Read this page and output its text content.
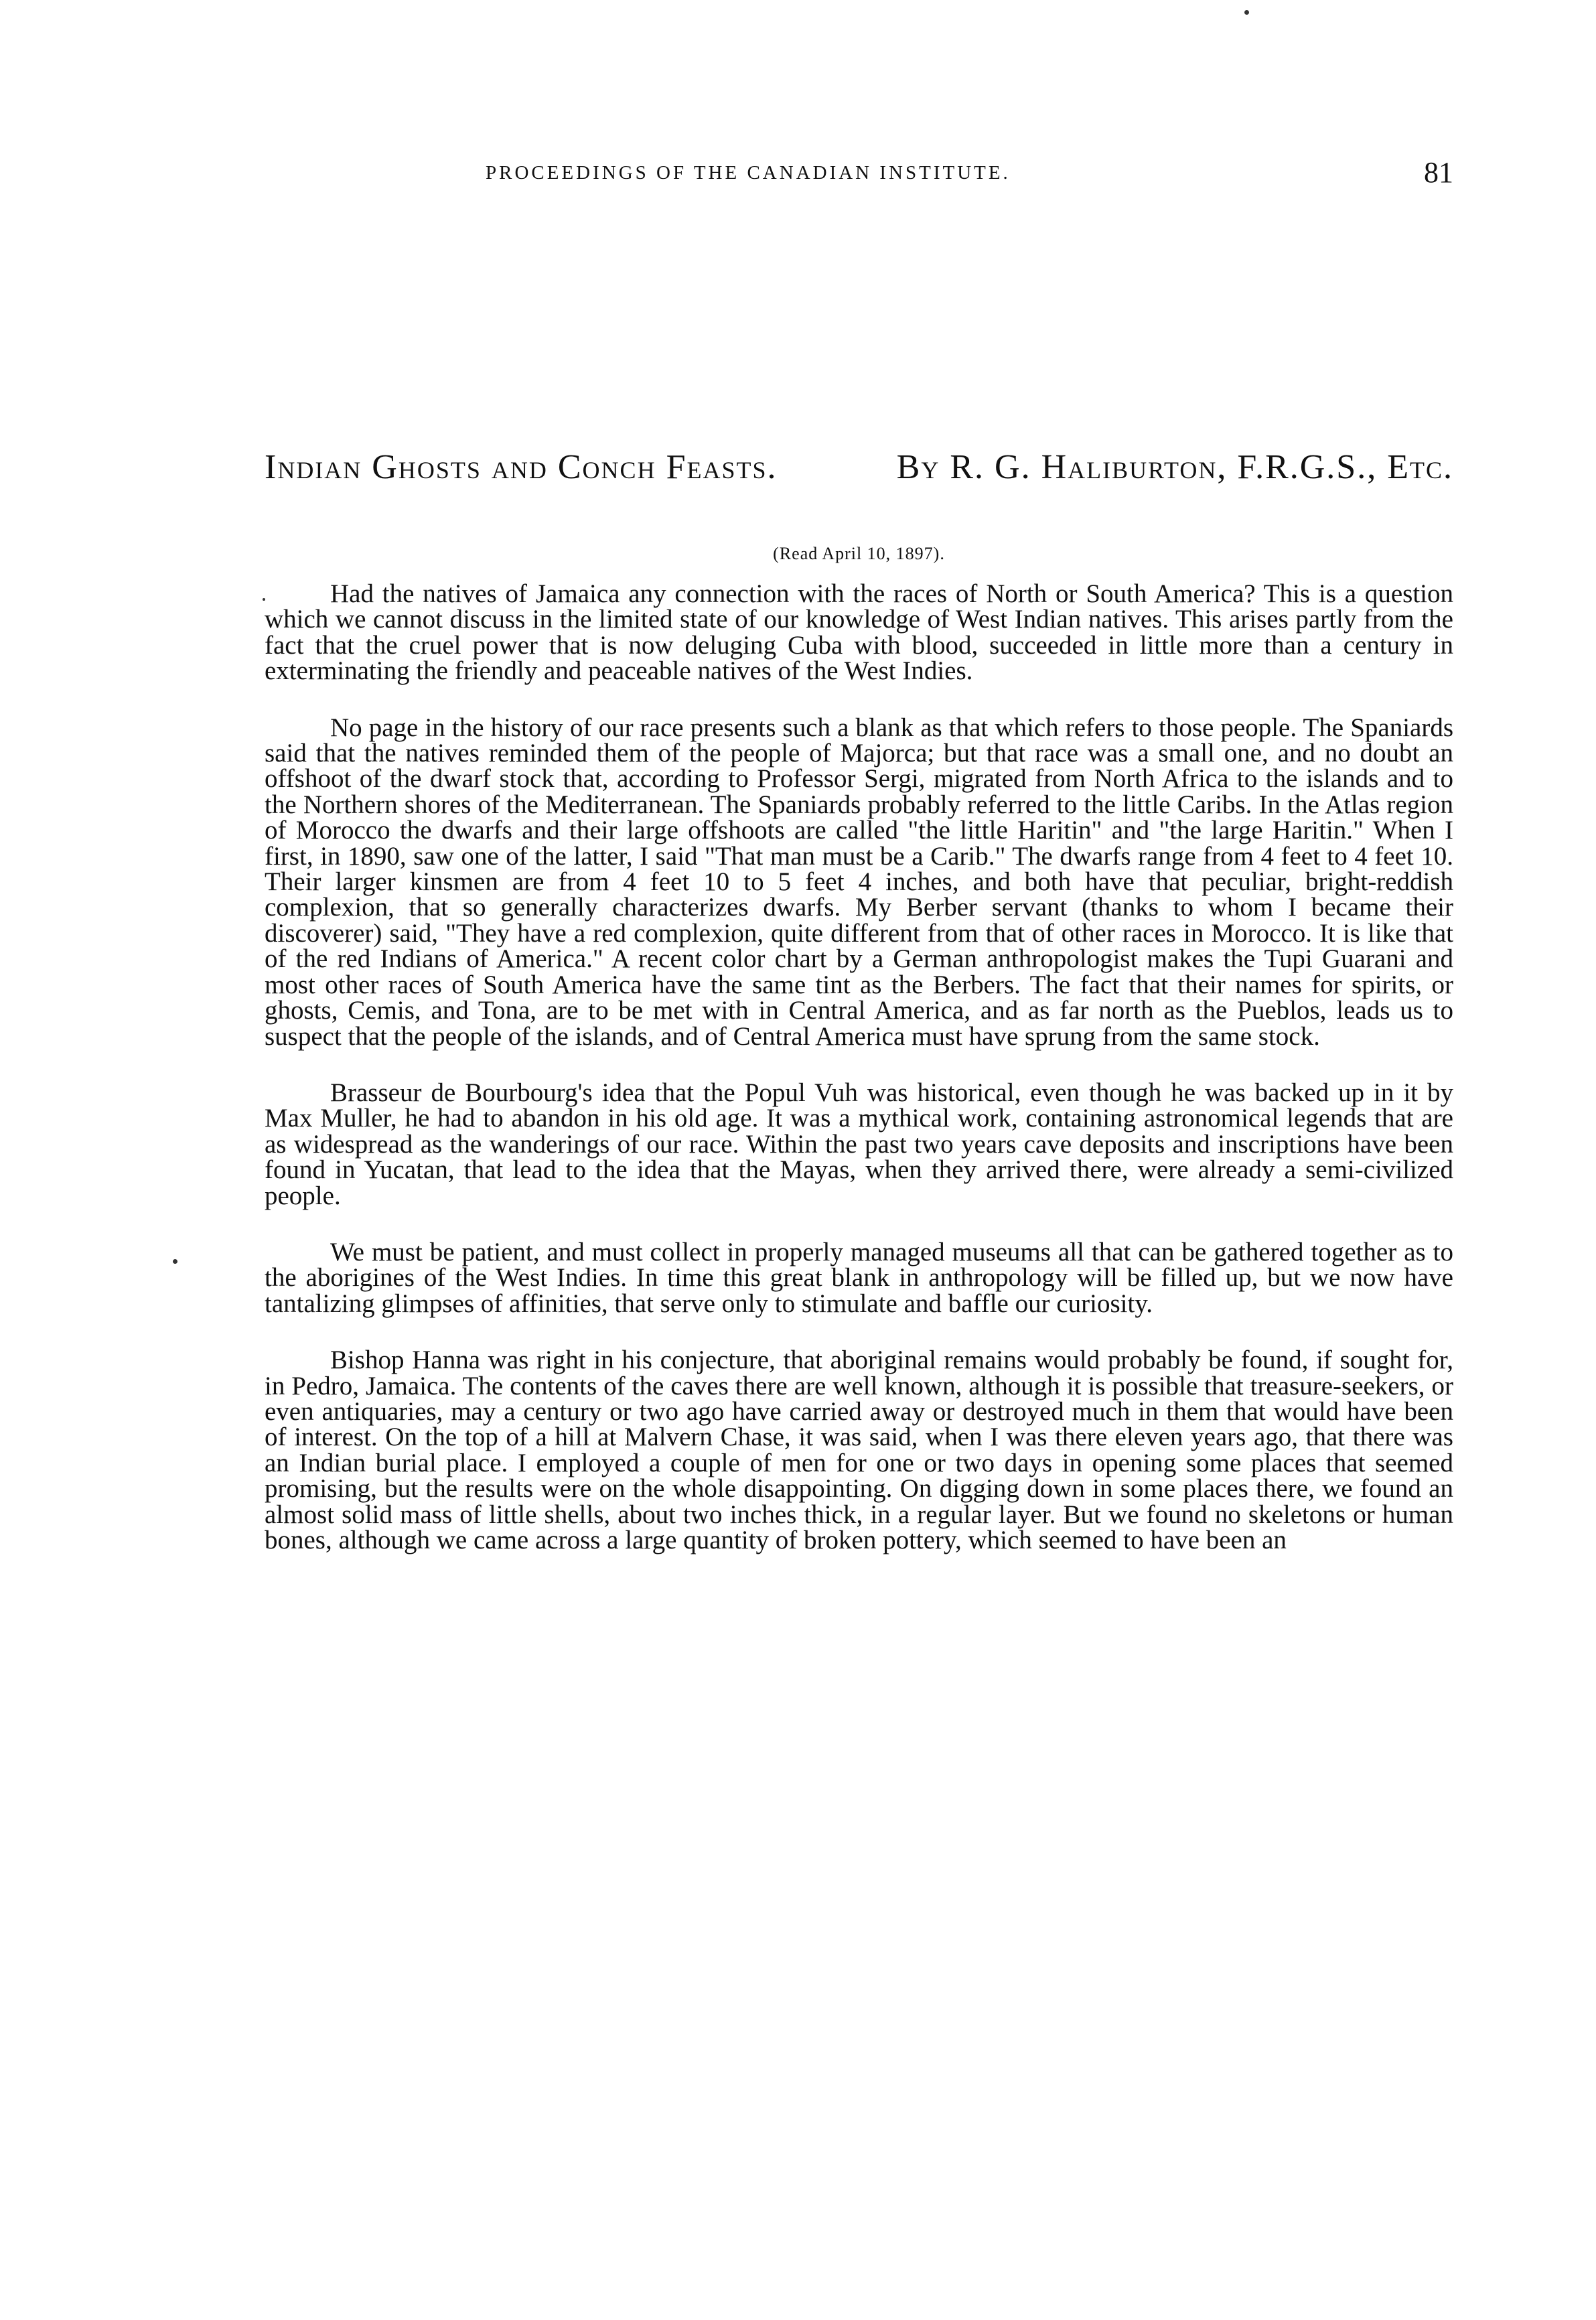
PROCEEDINGS OF THE CANADIAN INSTITUTE.	81
Indian Ghosts and Conch Feasts.	By R. G. Haliburton, F.R.G.S., Etc.
(Read April 10, 1897).

Had the natives of Jamaica any connection with the races of North or South America? This is a question which we cannot discuss in the limited state of our knowledge of West Indian natives. This arises partly from the fact that the cruel power that is now deluging Cuba with blood, succeeded in little more than a century in exterminating the friendly and peaceable natives of the West Indies.

No page in the history of our race presents such a blank as that which refers to those people. The Spaniards said that the natives reminded them of the people of Majorca; but that race was a small one, and no doubt an offshoot of the dwarf stock that, according to Professor Sergi, migrated from North Africa to the islands and to the Northern shores of the Mediterranean. The Spaniards probably referred to the little Caribs. In the Atlas region of Morocco the dwarfs and their large offshoots are called "the little Haritin" and "the large Haritin." When I first, in 1890, saw one of the latter, I said "That man must be a Carib." The dwarfs range from 4 feet to 4 feet 10. Their larger kinsmen are from 4 feet 10 to 5 feet 4 inches, and both have that peculiar, bright-reddish complexion, that so generally characterizes dwarfs. My Berber servant (thanks to whom I became their discoverer) said, "They have a red complexion, quite different from that of other races in Morocco. It is like that of the red Indians of America." A recent color chart by a German anthropologist makes the Tupi Guarani and most other races of South America have the same tint as the Berbers. The fact that their names for spirits, or ghosts, Cemis, and Tona, are to be met with in Central America, and as far north as the Pueblos, leads us to suspect that the people of the islands, and of Central America must have sprung from the same stock.

Brasseur de Bourbourg's idea that the Popul Vuh was historical, even though he was backed up in it by Max Muller, he had to abandon in his old age. It was a mythical work, containing astronomical legends that are as widespread as the wanderings of our race. Within the past two years cave deposits and inscriptions have been found in Yucatan, that lead to the idea that the Mayas, when they arrived there, were already a semi-civilized people.

We must be patient, and must collect in properly managed museums all that can be gathered together as to the aborigines of the West Indies. In time this great blank in anthropology will be filled up, but we now have tantalizing glimpses of affinities, that serve only to stimulate and baffle our curiosity.

Bishop Hanna was right in his conjecture, that aboriginal remains would probably be found, if sought for, in Pedro, Jamaica. The contents of the caves there are well known, although it is possible that treasure-seekers, or even antiquaries, may a century or two ago have carried away or destroyed much in them that would have been of interest. On the top of a hill at Malvern Chase, it was said, when I was there eleven years ago, that there was an Indian burial place. I employed a couple of men for one or two days in opening some places that seemed promising, but the results were on the whole disappointing. On digging down in some places there, we found an almost solid mass of little shells, about two inches thick, in a regular layer. But we found no skeletons or human bones, although we came across a large quantity of broken pottery, which seemed to have been an
